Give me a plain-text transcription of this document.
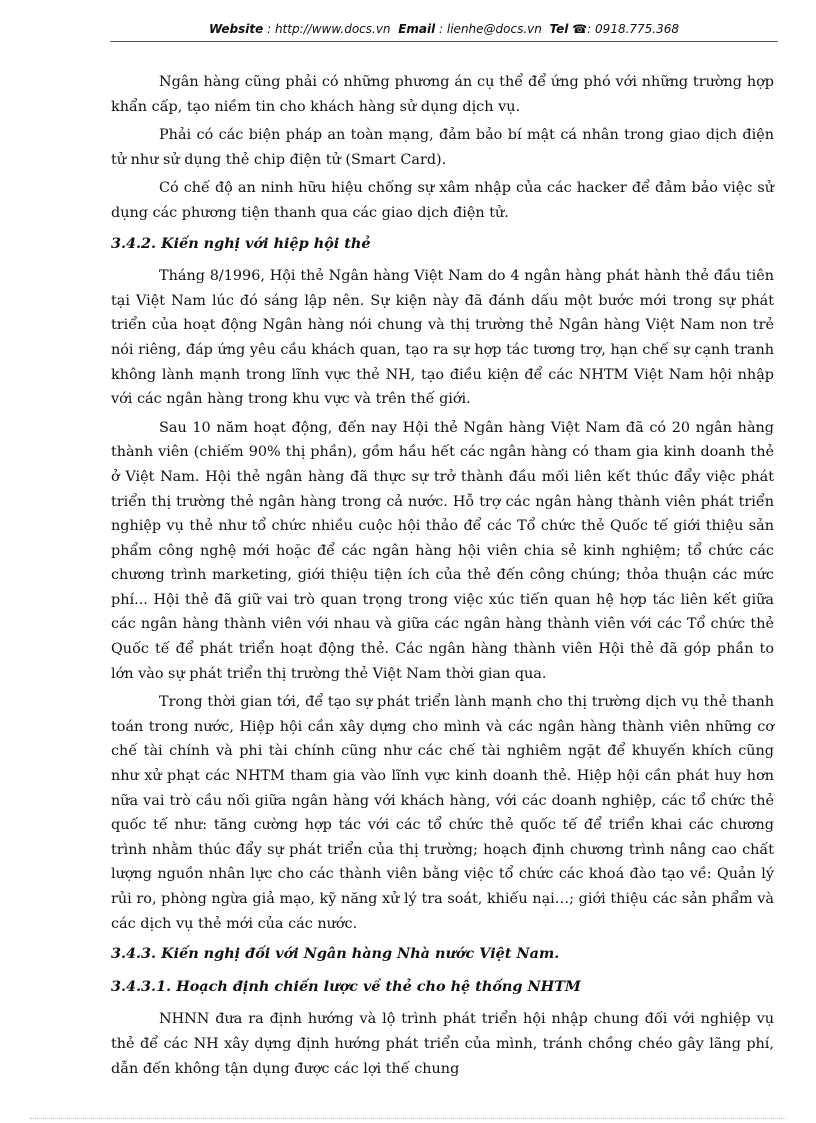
Website : http://www.docs.vn Email : lienhe@docs.vn Tel ☎: 0918.775.368

Ngân hàng cũng phải có những phương án cụ thể để ứng phó với những trường hợp khẩn cấp, tạo niềm tin cho khách hàng sử dụng dịch vụ.

Phải có các biện pháp an toàn mạng, đảm bảo bí mật cá nhân trong giao dịch điện tử như sử dụng thẻ chip điện tử (Smart Card).

Có chế độ an ninh hữu hiệu chống sự xâm nhập của các hacker để đảm bảo việc sử dụng các phương tiện thanh qua các giao dịch điện tử.

3.4.2. Kiến nghị với hiệp hội thẻ

Tháng 8/1996, Hội thẻ Ngân hàng Việt Nam do 4 ngân hàng phát hành thẻ đầu tiên tại Việt Nam lúc đó sáng lập nên. Sự kiện này đã đánh dấu một bước mới trong sự phát triển của hoạt động Ngân hàng nói chung và thị trường thẻ Ngân hàng Việt Nam non trẻ nói riêng, đáp ứng yêu cầu khách quan, tạo ra sự hợp tác tương trợ, hạn chế sự cạnh tranh không lành mạnh trong lĩnh vực thẻ NH, tạo điều kiện để các NHTM Việt Nam hội nhập với các ngân hàng trong khu vực và trên thế giới.

Sau 10 năm hoạt động, đến nay Hội thẻ Ngân hàng Việt Nam đã có 20 ngân hàng thành viên (chiếm 90% thị phần), gồm hầu hết các ngân hàng có tham gia kinh doanh thẻ ở Việt Nam. Hội thẻ ngân hàng đã thực sự trở thành đầu mối liên kết thúc đẩy việc phát triển thị trường thẻ ngân hàng trong cả nước. Hỗ trợ các ngân hàng thành viên phát triển nghiệp vụ thẻ như tổ chức nhiều cuộc hội thảo để các Tổ chức thẻ Quốc tế giới thiệu sản phẩm công nghệ mới hoặc để các ngân hàng hội viên chia sẻ kinh nghiệm; tổ chức các chương trình marketing, giới thiệu tiện ích của thẻ đến công chúng; thỏa thuận các mức phí... Hội thẻ đã giữ vai trò quan trọng trong việc xúc tiến quan hệ hợp tác liên kết giữa các ngân hàng thành viên với nhau và giữa các ngân hàng thành viên với các Tổ chức thẻ Quốc tế để phát triển hoạt động thẻ. Các ngân hàng thành viên Hội thẻ đã góp phần to lớn vào sự phát triển thị trường thẻ Việt Nam thời gian qua.

Trong thời gian tới, để tạo sự phát triển lành mạnh cho thị trường dịch vụ thẻ thanh toán trong nước, Hiệp hội cần xây dựng cho mình và các ngân hàng thành viên những cơ chế tài chính và phi tài chính cũng như các chế tài nghiêm ngặt để khuyến khích cũng như xử phạt các NHTM tham gia vào lĩnh vực kinh doanh thẻ. Hiệp hội cần phát huy hơn nữa vai trò cầu nối giữa ngân hàng với khách hàng, với các doanh nghiệp, các tổ chức thẻ quốc tế như: tăng cường hợp tác với các tổ chức thẻ quốc tế để triển khai các chương trình nhằm thúc đẩy sự phát triển của thị trường; hoạch định chương trình nâng cao chất lượng nguồn nhân lực cho các thành viên bằng việc tổ chức các khoá đào tạo về: Quản lý rủi ro, phòng ngừa giả mạo, kỹ năng xử lý tra soát, khiếu nại…; giới thiệu các sản phẩm và các dịch vụ thẻ mới của các nước.

3.4.3. Kiến nghị đối với Ngân hàng Nhà nước Việt Nam.
3.4.3.1. Hoạch định chiến lược về thẻ cho hệ thống NHTM

NHNN đưa ra định hướng và lộ trình phát triển hội nhập chung đối với nghiệp vụ thẻ để các NH xây dựng định hướng phát triển của mình, tránh chồng chéo gây lãng phí, dẫn đến không tận dụng được các lợi thế chung
